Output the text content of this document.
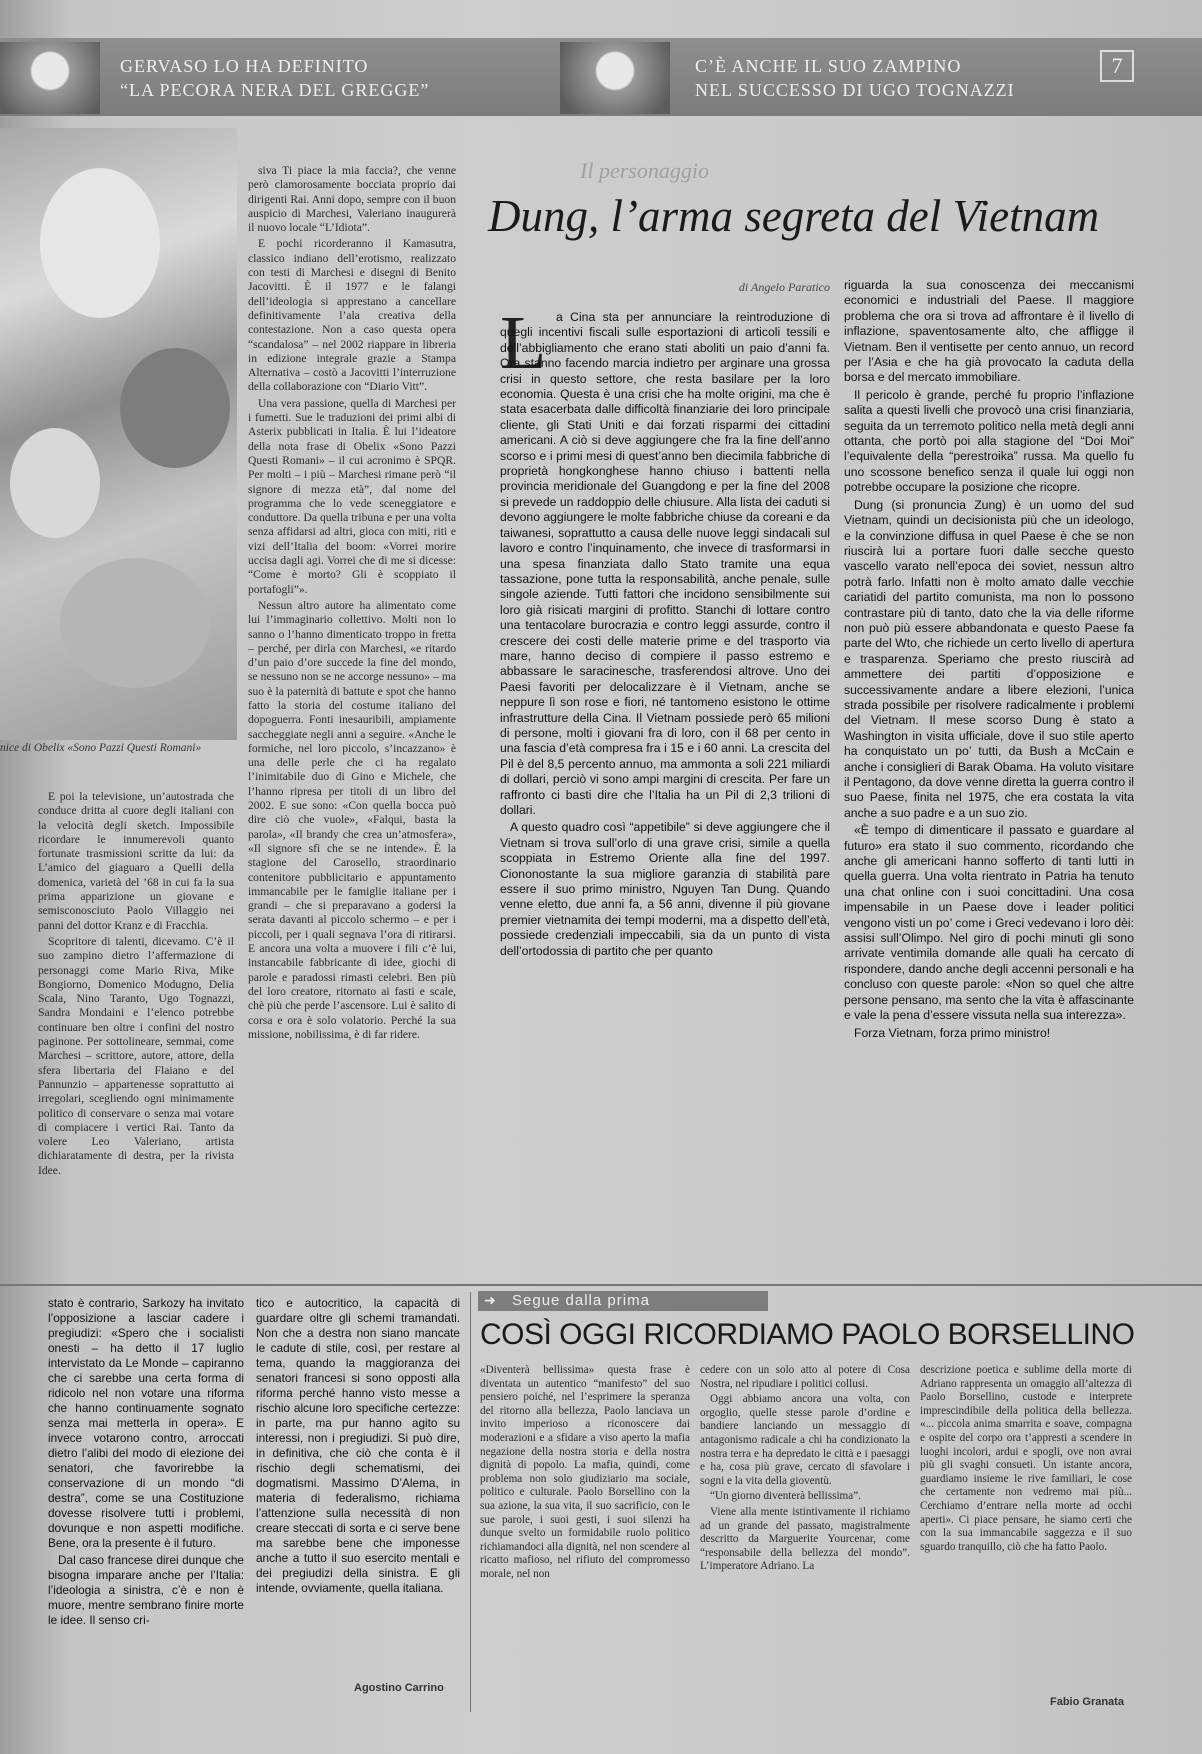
GERVASO LO HA DEFINITO
“LA PECORA NERA DEL GREGGE”
C’È ANCHE IL SUO ZAMPINO
NEL SUCCESSO DI UGO TOGNAZZI
7
nice di Obelix «Sono Pazzi Questi Romani»

E poi la televisione, un’autostrada che conduce dritta al cuore degli italiani con la velocità degli sketch. Impossibile ricordare le innumerevoli quanto fortunate trasmissioni scritte da lui: da L’amico del giaguaro a Quelli della domenica, varietà del ’68 in cui fa la sua prima apparizione un giovane e semisconosciuto Paolo Villaggio nei panni del dottor Kranz e di Fracchia.

Scopritore di talenti, dicevamo. C’è il suo zampino dietro l’affermazione di personaggi come Mario Riva, Mike Bongiorno, Domenico Modugno, Delia Scala, Nino Taranto, Ugo Tognazzi, Sandra Mondaini e l’elenco potrebbe continuare ben oltre i confini del nostro paginone. Per sottolineare, semmai, come Marchesi – scrittore, autore, attore, della sfera libertaria del Flaiano e del Pannunzio – appartenesse soprattutto ai irregolari, scegliendo ogni minimamente politico di conservare o senza mai votare di compiacere i vertici Rai. Tanto da volere Leo Valeriano, artista dichiaratamente di destra, per la rivista Idee.

siva Ti piace la mia faccia?, che venne però clamorosamente bocciata proprio dai dirigenti Rai. Anni dopo, sempre con il buon auspicio di Marchesi, Valeriano inaugurerà il nuovo locale “L’Idiota”.

E pochi ricorderanno il Kamasutra, classico indiano dell’erotismo, realizzato con testi di Marchesi e disegni di Benito Jacovitti. È il 1977 e le falangi dell’ideologia si apprestano a cancellare definitivamente l’ala creativa della contestazione. Non a caso questa opera “scandalosa” – nel 2002 riappare in libreria in edizione integrale grazie a Stampa Alternativa – costò a Jacovitti l’interruzione della collaborazione con “Diario Vitt”.

Una vera passione, quella di Marchesi per i fumetti. Sue le traduzioni dei primi albi di Asterix pubblicati in Italia. È lui l’ideatore della nota frase di Obelix «Sono Pazzi Questi Romani» – il cui acronimo è SPQR. Per molti – i più – Marchesi rimane però “il signore di mezza età”, dal nome del programma che lo vede sceneggiatore e conduttore. Da quella tribuna e per una volta senza affidarsi ad altri, gioca con miti, riti e vizi dell’Italia del boom: «Vorrei morire uccisa dagli agi. Vorrei che di me si dicesse: “Come è morto? Gli è scoppiato il portafogli”».

Nessun altro autore ha alimentato come lui l’immaginario collettivo. Molti non lo sanno o l’hanno dimenticato troppo in fretta – perché, per dirla con Marchesi, «e ritardo d’un paio d’ore succede la fine del mondo, se nessuno non se ne accorge nessuno» – ma suo è la paternità di battute e spot che hanno fatto la storia del costume italiano del dopoguerra. Fonti inesauribili, ampiamente saccheggiate negli anni a seguire. «Anche le formiche, nel loro piccolo, s’incazzano» è una delle perle che ci ha regalato l’inimitabile duo di Gino e Michele, che l’hanno ripresa per titoli di un libro del 2002. E sue sono: «Con quella bocca può dire ciò che vuole», «Falqui, basta la parola», «Il brandy che crea un’atmosfera», «Il signore sfì che se ne intende». È la stagione del Carosello, straordinario contenitore pubblicitario e appuntamento immancabile per le famiglie italiane per i grandi – che si preparavano a godersi la serata davanti al piccolo schermo – e per i piccoli, per i quali segnava l’ora di ritirarsi. E ancora una volta a muovere i fili c’è lui, instancabile fabbricante di idee, giochi di parole e paradossi rimasti celebri. Ben più del loro creatore, ritornato ai fasti e scale, chè più che perde l’ascensore. Lui è salito di corsa e ora è solo volatorio. Perché la sua missione, nobilissima, è di far ridere.

Il personaggio
Dung, l’arma segreta del Vietnam
di Angelo Paratico
L a Cina sta per annunciare la reintroduzione di quegli incentivi fiscali sulle esportazioni di articoli tessili e dell’abbigliamento che erano stati aboliti un paio d’anni fa. Ora stanno facendo marcia indietro per arginare una grossa crisi in questo settore, che resta basilare per la loro economia. Questa è una crisi che ha molte origini, ma che è stata esacerbata dalle difficoltà finanziarie dei loro principale cliente, gli Stati Uniti e dai forzati risparmi dei cittadini americani. A ciò si deve aggiungere che fra la fine dell’anno scorso e i primi mesi di quest’anno ben diecimila fabbriche di proprietà hongkonghese hanno chiuso i battenti nella provincia meridionale del Guangdong e per la fine del 2008 si prevede un raddoppio delle chiusure. Alla lista dei caduti si devono aggiungere le molte fabbriche chiuse da coreani e da taiwanesi, soprattutto a causa delle nuove leggi sindacali sul lavoro e contro l’inquinamento, che invece di trasformarsi in una spesa finanziata dallo Stato tramite una equa tassazione, pone tutta la responsabilità, anche penale, sulle singole aziende. Tutti fattori che incidono sensibilmente sui loro già risicati margini di profitto. Stanchi di lottare contro una tentacolare burocrazia e contro leggi assurde, contro il crescere dei costi delle materie prime e del trasporto via mare, hanno deciso di compiere il passo estremo e abbassare le saracinesche, trasferendosi altrove. Uno dei Paesi favoriti per delocalizzare è il Vietnam, anche se neppure lì son rose e fiori, né tantomeno esistono le ottime infrastrutture della Cina. Il Vietnam possiede però 65 milioni di persone, molti i giovani fra di loro, con il 68 per cento in una fascia d’età compresa fra i 15 e i 60 anni. La crescita del Pil è del 8,5 percento annuo, ma ammonta a soli 221 miliardi di dollari, perciò vi sono ampi margini di crescita. Per fare un raffronto ci basti dire che l’Italia ha un Pil di 2,3 trilioni di dollari.

A questo quadro così “appetibile” si deve aggiungere che il Vietnam si trova sull’orlo di una grave crisi, simile a quella scoppiata in Estremo Oriente alla fine del 1997. Ciononostante la sua migliore garanzia di stabilità pare essere il suo primo ministro, Nguyen Tan Dung. Quando venne eletto, due anni fa, a 56 anni, divenne il più giovane premier vietnamita dei tempi moderni, ma a dispetto dell’età, possiede credenziali impeccabili, sia da un punto di vista dell’ortodossia di partito che per quanto

riguarda la sua conoscenza dei meccanismi economici e industriali del Paese. Il maggiore problema che ora si trova ad affrontare è il livello di inflazione, spaventosamente alto, che affligge il Vietnam. Ben il ventisette per cento annuo, un record per l’Asia e che ha già provocato la caduta della borsa e del mercato immobiliare.

Il pericolo è grande, perché fu proprio l’inflazione salita a questi livelli che provocò una crisi finanziaria, seguita da un terremoto politico nella metà degli anni ottanta, che portò poi alla stagione del “Doi Moi” l’equivalente della “perestroika” russa. Ma quello fu uno scossone benefico senza il quale lui oggi non potrebbe occupare la posizione che ricopre.

Dung (si pronuncia Zung) è un uomo del sud Vietnam, quindi un decisionista più che un ideologo, e la convinzione diffusa in quel Paese è che se non riuscirà lui a portare fuori dalle secche questo vascello varato nell’epoca dei soviet, nessun altro potrà farlo. Infatti non è molto amato dalle vecchie cariatidi del partito comunista, ma non lo possono contrastare più di tanto, dato che la via delle riforme non può più essere abbandonata e questo Paese fa parte del Wto, che richiede un certo livello di apertura e trasparenza. Speriamo che presto riuscirà ad ammettere dei partiti d’opposizione e successivamente andare a libere elezioni, l’unica strada possibile per risolvere radicalmente i problemi del Vietnam. Il mese scorso Dung è stato a Washington in visita ufficiale, dove il suo stile aperto ha conquistato un po’ tutti, da Bush a McCain e anche i consiglieri di Barak Obama. Ha voluto visitare il Pentagono, da dove venne diretta la guerra contro il suo Paese, finita nel 1975, che era costata la vita anche a suo padre e a un suo zio.

«È tempo di dimenticare il passato e guardare al futuro» era stato il suo commento, ricordando che anche gli americani hanno sofferto di tanti lutti in quella guerra. Una volta rientrato in Patria ha tenuto una chat online con i suoi concittadini. Una cosa impensabile in un Paese dove i leader politici vengono visti un po’ come i Greci vedevano i loro dèi: assisi sull’Olimpo. Nel giro di pochi minuti gli sono arrivate ventimila domande alle quali ha cercato di rispondere, dando anche degli accenni personali e ha concluso con queste parole: «Non so quel che altre persone pensano, ma sento che la vita è affascinante e vale la pena d’essere vissuta nella sua interezza».

Forza Vietnam, forza primo ministro!

stato è contrario, Sarkozy ha invitato l’opposizione a lasciar cadere i pregiudizi: «Spero che i socialisti onesti – ha detto il 17 luglio intervistato da Le Monde – capiranno che ci sarebbe una certa forma di ridicolo nel non votare una riforma che hanno continuamente sognato senza mai metterla in opera». E invece votarono contro, arroccati dietro l’alibi del modo di elezione dei senatori, che favorirebbe la conservazione di un mondo “di destra”, come se una Costituzione dovesse risolvere tutti i problemi, dovunque e non aspetti modifiche. Bene, ora la presente è il futuro.

Dal caso francese direi dunque che bisogna imparare anche per l’Italia: l’ideologia a sinistra, c’è e non è muore, mentre sembrano finire morte le idee. Il senso cri-

tico e autocritico, la capacità di guardare oltre gli schemi tramandati. Non che a destra non siano mancate le cadute di stile, così, per restare al tema, quando la maggioranza dei senatori francesi si sono opposti alla riforma perché hanno visto messe a rischio alcune loro specifiche certezze: in parte, ma pur hanno agito su interessi, non i pregiudizi. Si può dire, in definitiva, che ciò che conta è il rischio degli schematismi, dei dogmatismi. Massimo D’Alema, in materia di federalismo, richiama l’attenzione sulla necessità di non creare steccati di sorta e ci serve bene ma sarebbe bene che imponesse anche a tutto il suo esercito mentali e dei pregiudizi della sinistra. E gli intende, ovviamente, quella italiana.

Agostino Carrino
Segue dalla prima
➜
COSÌ OGGI RICORDIAMO PAOLO BORSELLINO

«Diventerà bellissima» questa frase è diventata un autentico “manifesto” del suo pensiero poiché, nel l’esprimere la speranza del ritorno alla bellezza, Paolo lanciava un invito imperioso a riconoscere dai moderazioni e a sfidare a viso aperto la mafia negazione della nostra storia e della nostra dignità di popolo. La mafia, quindi, come problema non solo giudiziario ma sociale, politico e culturale. Paolo Borsellino con la sua azione, la sua vita, il suo sacrificio, con le sue parole, i suoi gesti, i suoi silenzi ha dunque svelto un formidabile ruolo politico richiamandoci alla dignità, nel non scendere al ricatto mafioso, nel rifiuto del compromesso morale, nel non

cedere con un solo atto al potere di Cosa Nostra, nel ripudiare i politici collusi.

Oggi abbiamo ancora una volta, con orgoglio, quelle stesse parole d’ordine e bandiere lanciando un messaggio di antagonismo radicale a chi ha condizionato la nostra terra e ha depredato le città e i paesaggi e ha, cosa più grave, cercato di sfavolare i sogni e la vita della gioventù.

“Un giorno diventerà bellissima”.

Viene alla mente istintivamente il richiamo ad un grande del passato, magistralmente descritto da Marguerite Yourcenar, come “responsabile della bellezza del mondo”. L’imperatore Adriano. La

descrizione poetica e sublime della morte di Adriano rappresenta un omaggio all’altezza di Paolo Borsellino, custode e interprete imprescindibile della politica della bellezza. «... piccola anima smarrita e soave, compagna e ospite del corpo ora t’appresti a scendere in luoghi incolori, ardui e spogli, ove non avrai più gli svaghi consueti. Un istante ancora, guardiamo insieme le rive familiari, le cose che certamente non vedremo mai più... Cerchiamo d’entrare nella morte ad occhi aperti». Ci piace pensare, he siamo certi che con la sua immancabile saggezza e il suo sguardo tranquillo, ciò che ha fatto Paolo.

Fabio Granata
